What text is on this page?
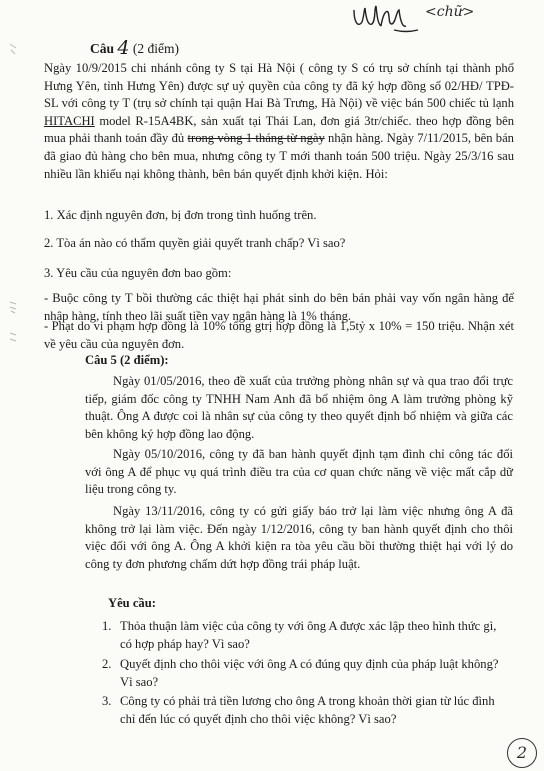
<chữ>
Câu 4 (2 điểm)
Ngày 10/9/2015 chi nhánh công ty S tại Hà Nội ( công ty S có trụ sở chính tại thành phố Hưng Yên, tỉnh Hưng Yên) được sự uỷ quyền của công ty đã ký hợp đồng số 02/HĐ/ TPĐ-SL với công ty T (trụ sở chính tại quận Hai Bà Trưng, Hà Nội) về việc bán 500 chiếc tủ lạnh HITACHI model R-15A4BK, sản xuất tại Thái Lan, đơn giá 3tr/chiếc. theo hợp đồng bên mua phải thanh toán đầy đủ trong vòng 1 tháng từ ngày nhận hàng. Ngày 7/11/2015, bên bán đã giao đủ hàng cho bên mua, nhưng công ty T mới thanh toán 500 triệu. Ngày 25/3/16 sau nhiều lần khiếu nại không thành, bên bán quyết định khởi kiện. Hỏi:
1. Xác định nguyên đơn, bị đơn trong tình huống trên.
2. Tòa án nào có thẩm quyền giải quyết tranh chấp? Vì sao?
3. Yêu cầu của nguyên đơn bao gồm:
- Buộc công ty T bồi thường các thiệt hại phát sinh do bên bán phải vay vốn ngân hàng để nhập hàng, tính theo lãi suất tiền vay ngân hàng là 1% tháng.
- Phạt do vi phạm hợp đồng là 10% tổng gtrị hợp đồng là 1,5tỷ x 10% = 150 triệu. Nhận xét về yêu cầu của nguyên đơn.
Câu 5 (2 điểm):
Ngày 01/05/2016, theo đề xuất của trưởng phòng nhân sự và qua trao đổi trực tiếp, giám đốc công ty TNHH Nam Anh đã bổ nhiệm ông A làm trưởng phòng kỹ thuật. Ông A được coi là nhân sự của công ty theo quyết định bổ nhiệm và giữa các bên không ký hợp đồng lao động.
Ngày 05/10/2016, công ty đã ban hành quyết định tạm đình chỉ công tác đối với ông A để phục vụ quá trình điều tra của cơ quan chức năng về việc mất cắp dữ liệu trong công ty.
Ngày 13/11/2016, công ty có gửi giấy báo trở lại làm việc nhưng ông A đã không trở lại làm việc. Đến ngày 1/12/2016, công ty ban hành quyết định cho thôi việc đối với ông A. Ông A khởi kiện ra tòa yêu cầu bồi thường thiệt hại với lý do công ty đơn phương chấm dứt hợp đồng trái pháp luật.
Yêu cầu:
1. Thỏa thuận làm việc của công ty với ông A được xác lập theo hình thức gì, có hợp pháp hay? Vì sao?
2. Quyết định cho thôi việc với ông A có đúng quy định của pháp luật không? Vì sao?
3. Công ty có phải trả tiền lương cho ông A trong khoản thời gian từ lúc đình chỉ đến lúc có quyết định cho thôi việc không? Vì sao?
2
